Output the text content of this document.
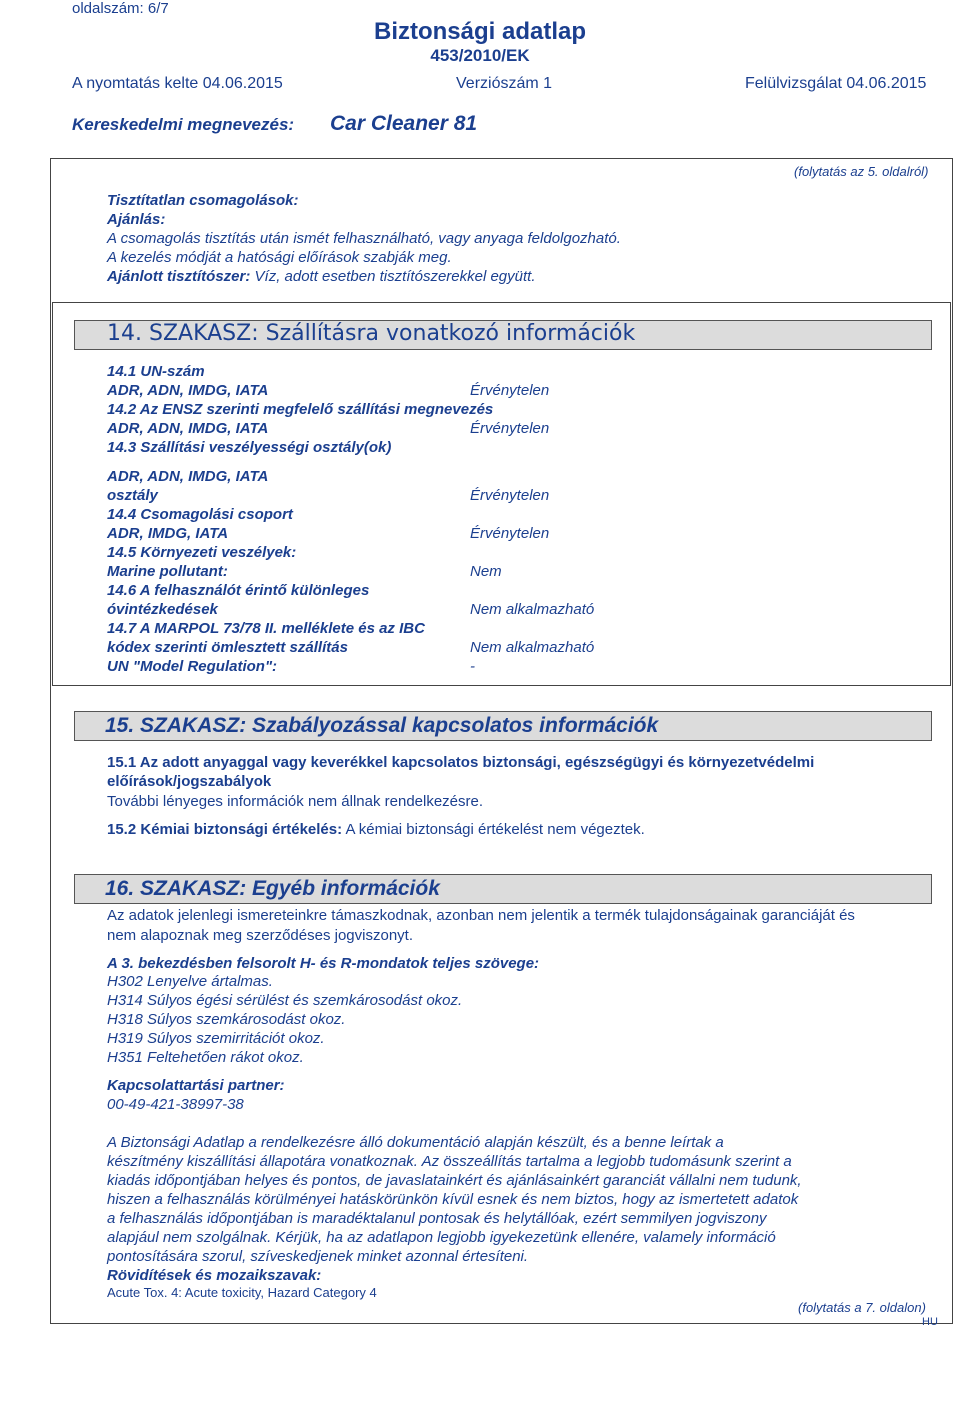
oldalszám: 6/7
Biztonsági adatlap
453/2010/EK
A nyomtatás kelte 04.06.2015	Verziószám 1	Felülvizsgálat 04.06.2015
Kereskedelmi megnevezés: Car Cleaner 81
(folytatás az 5. oldalról)
Tisztítatlan csomagolások:
Ajánlás:
A csomagolás tisztítás után ismét felhasználható, vagy anyaga feldolgozható.
A kezelés módját a hatósági előírások szabják meg.
Ajánlott tisztítószer: Víz, adott esetben tisztítószerekkel együtt.
14. SZAKASZ: Szállításra vonatkozó információk
14.1 UN-szám
ADR, ADN, IMDG, IATA	Érvénytelen
14.2 Az ENSZ szerinti megfelelő szállítási megnevezés
ADR, ADN, IMDG, IATA	Érvénytelen
14.3 Szállítási veszélyességi osztály(ok)
ADR, ADN, IMDG, IATA
osztály	Érvénytelen
14.4 Csomagolási csoport
ADR, IMDG, IATA	Érvénytelen
14.5 Környezeti veszélyek:
Marine pollutant:	Nem
14.6 A felhasználót érintő különleges
óvintézkedések	Nem alkalmazható
14.7 A MARPOL 73/78 II. melléklete és az IBC
kódex szerinti ömlesztett szállítás	Nem alkalmazható
UN "Model Regulation":	-
15. SZAKASZ: Szabályozással kapcsolatos információk
15.1 Az adott anyaggal vagy keverékkel kapcsolatos biztonsági, egészségügyi és környezetvédelmi
előírások/jogszabályok
További lényeges információk nem állnak rendelkezésre.
15.2 Kémiai biztonsági értékelés: A kémiai biztonsági értékelést nem végeztek.
16. SZAKASZ: Egyéb információk
Az adatok jelenlegi ismereteinkre támaszkodnak, azonban nem jelentik a termék tulajdonságainak garanciáját és
nem alapoznak meg szerződéses jogviszonyt.
A 3. bekezdésben felsorolt H- és R-mondatok teljes szövege:
H302 Lenyelve ártalmas.
H314 Súlyos égési sérülést és szemkárosodást okoz.
H318 Súlyos szemkárosodást okoz.
H319 Súlyos szemirritációt okoz.
H351 Feltehetően rákot okoz.
Kapcsolattartási partner:
00-49-421-38997-38
A Biztonsági Adatlap a rendelkezésre álló dokumentáció alapján készült, és a benne leírtak a
készítmény kiszállítási állapotára vonatkoznak. Az összeállítás tartalma a legjobb tudomásunk szerint a
kiadás időpontjában helyes és pontos, de javaslatainkért és ajánlásainkért garanciát vállalni nem tudunk,
hiszen a felhasználás körülményei hatáskörünkön kívül esnek és nem biztos, hogy az ismertetett adatok
a felhasználás időpontjában is maradéktalanul pontosak és helytállóak, ezért semmilyen jogviszony
alapjául nem szolgálnak. Kérjük, ha az adatlapon legjobb igyekezetünk ellenére, valamely információ
pontosítására szorul, szíveskedjenek minket azonnal értesíteni.
Rövidítések és mozaikszavak:
Acute Tox. 4: Acute toxicity, Hazard Category 4
(folytatás a 7. oldalon)
HU
